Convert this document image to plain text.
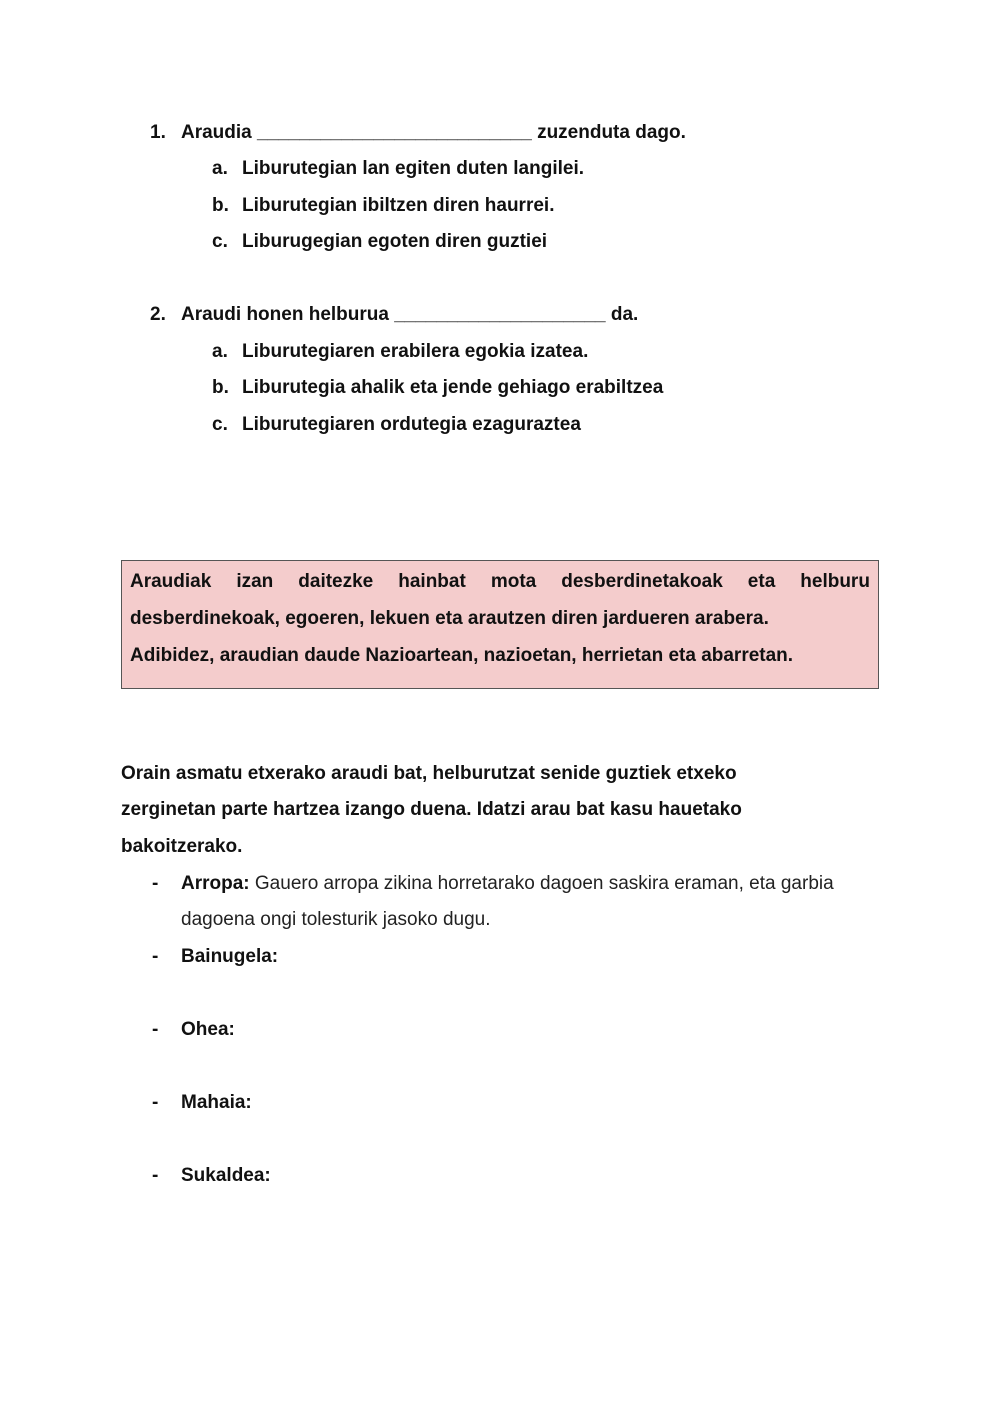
1. Araudia __________________________ zuzenduta dago.
a. Liburutegian lan egiten duten langilei.
b. Liburutegian ibiltzen diren haurrei.
c. Liburugegian egoten diren guztiei
2. Araudi honen helburua ____________________ da.
a. Liburutegiaren erabilera egokia izatea.
b. Liburutegia ahalik eta jende gehiago erabiltzea
c. Liburutegiaren ordutegia ezaguraztea
Araudiak izan daitezke hainbat mota desberdinetakoak eta helburu
desberdinekoak, egoeren, lekuen eta arautzen diren jardueren arabera.
Adibidez, araudian daude Nazioartean, nazioetan, herrietan eta abarretan.
Orain asmatu etxerako araudi bat, helburutzat senide guztiek etxeko
zerginetan parte hartzea izango duena. Idatzi arau bat kasu hauetako
bakoitzerako.
- Arropa: Gauero arropa zikina horretarako dagoen saskira eraman, eta garbia
dagoena ongi tolesturik jasoko dugu.
- Bainugela:
- Ohea:
- Mahaia:
- Sukaldea:
